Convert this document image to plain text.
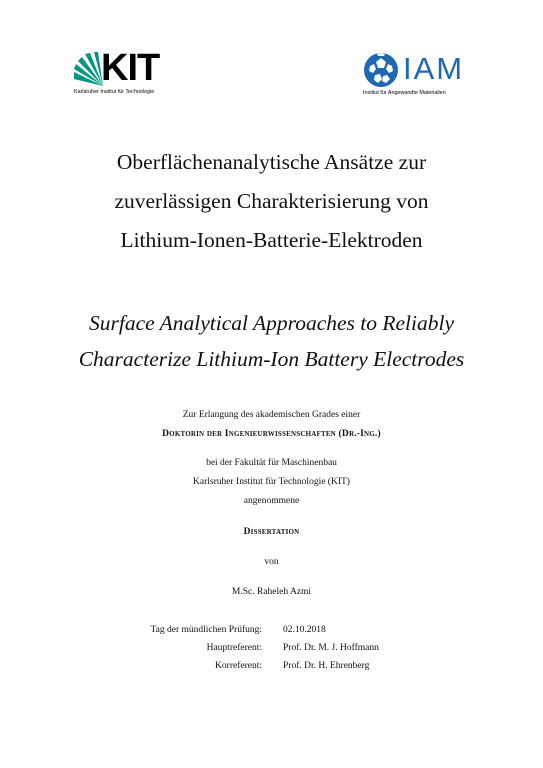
KIT
Karlsruher Institut für Technologie
IAM
Institut für Angewandte Materialien
Oberflächenanalytische Ansätze zur
zuverlässigen Charakterisierung von
Lithium-Ionen-Batterie-Elektroden
Surface Analytical Approaches to Reliably
Characterize Lithium-Ion Battery Electrodes
Zur Erlangung des akademischen Grades einer
Doktorin der Ingenieurwissenschaften (Dr.-Ing.)
bei der Fakultät für Maschinenbau
Karlsruher Institut für Technologie (KIT)
angenommene
Dissertation
von
M.Sc. Raheleh Azmi
Tag der mündlichen Prüfung: 02.10.2018
Hauptreferent: Prof. Dr. M. J. Hoffmann
Korreferent: Prof. Dr. H. Ehrenberg
